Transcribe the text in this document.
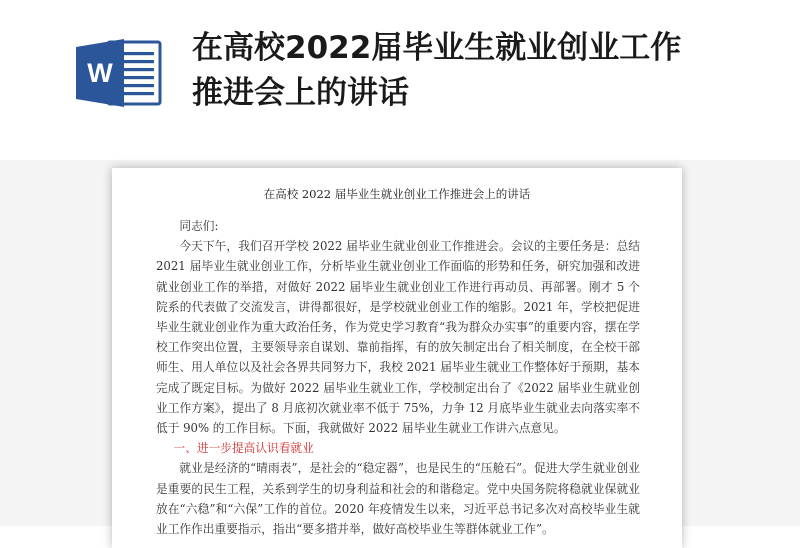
W
在高校2022届毕业生就业创业工作推进会上的讲话

在高校 2022 届毕业生就业创业工作推进会上的讲话

同志们:

今天下午，我们召开学校 2022 届毕业生就业创业工作推进会。会议的主要任务是：总结 2021 届毕业生就业创业工作，分析毕业生就业创业工作面临的形势和任务，研究加强和改进就业创业工作的举措，对做好 2022 届毕业生就业创业工作进行再动员、再部署。刚才 5 个院系的代表做了交流发言，讲得都很好，是学校就业创业工作的缩影。2021 年，学校把促进毕业生就业创业作为重大政治任务，作为党史学习教育“我为群众办实事”的重要内容，摆在学校工作突出位置，主要领导亲自谋划、靠前指挥，有的放矢制定出台了相关制度，在全校干部师生、用人单位以及社会各界共同努力下，我校 2021 届毕业生就业工作整体好于预期，基本完成了既定目标。为做好 2022 届毕业生就业工作，学校制定出台了《2022 届毕业生就业创业工作方案》，提出了 8 月底初次就业率不低于 75%，力争 12 月底毕业生就业去向落实率不低于 90% 的工作目标。下面，我就做好 2022 届毕业生就业工作讲六点意见。

一、进一步提高认识看就业

就业是经济的“晴雨表”，是社会的“稳定器”，也是民生的“压舱石”。促进大学生就业创业是重要的民生工程，关系到学生的切身利益和社会的和谐稳定。党中央国务院将稳就业保就业放在“六稳”和“六保”工作的首位。2020 年疫情发生以来，习近平总书记多次对高校毕业生就业工作作出重要指示，指出“要多措并举，做好高校毕业生等群体就业工作”。
